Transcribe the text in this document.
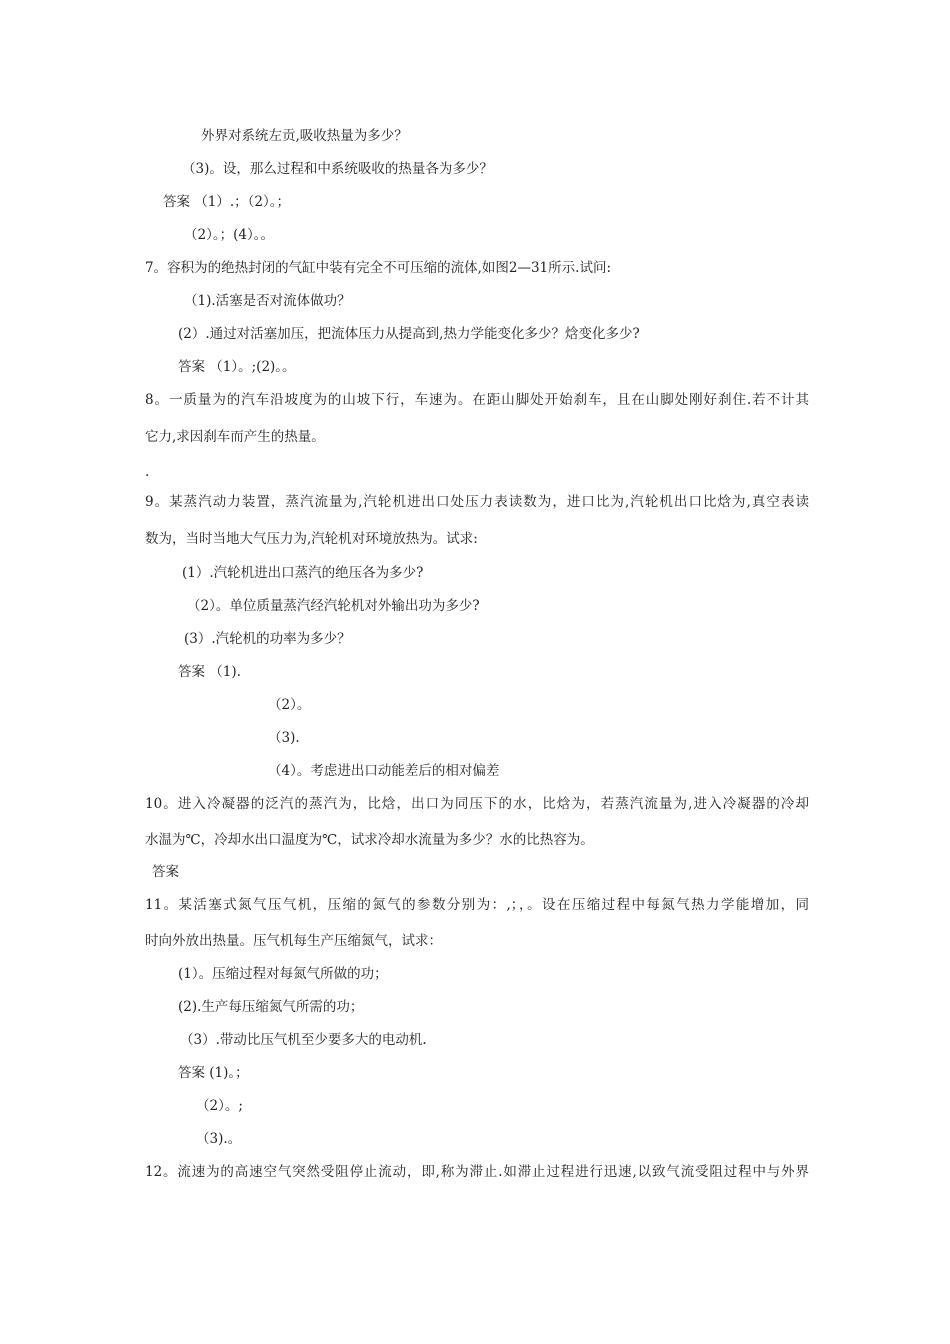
外界对系统左贡,吸收热量为多少？
（3)。设，那么过程和中系统吸收的热量各为多少？
答案 （1）.；（2）。；
（2）。；(4）。。
7。容积为的绝热封闭的气缸中装有完全不可压缩的流体,如图2—31所示.试问:
（1).活塞是否对流体做功？
(2）.通过对活塞加压，把流体压力从提高到,热力学能变化多少？焓变化多少?
答案 （1）。;(2)。。
8。一质量为的汽车沿坡度为的山坡下行，车速为。在距山脚处开始刹车，且在山脚处刚好刹住.若不计其
它力,求因刹车而产生的热量。
.
9。某蒸汽动力装置，蒸汽流量为,汽轮机进出口处压力表读数为，进口比为,汽轮机出口比焓为,真空表读
数为，当时当地大气压力为,汽轮机对环境放热为。试求:
(1）.汽轮机进出口蒸汽的绝压各为多少?
（2）。单位质量蒸汽经汽轮机对外输出功为多少?
(3）.汽轮机的功率为多少？
答案 （1).
（2）。
（3).
（4）。考虑进出口动能差后的相对偏差
10。进入冷凝器的泛汽的蒸汽为，比焓，出口为同压下的水，比焓为，若蒸汽流量为,进入冷凝器的冷却
水温为℃，冷却水出口温度为℃，试求冷却水流量为多少？水的比热容为。
答案
11。某活塞式氮气压气机，压缩的氮气的参数分别为：,；，。设在压缩过程中每氮气热力学能增加，同
时向外放出热量。压气机每生产压缩氮气，试求：
(1）。压缩过程对每氮气所做的功；
(2).生产每压缩氮气所需的功；
（3）.带动比压气机至少要多大的电动机.
答案 (1)。；
（2）。;
（3).。
12。流速为的高速空气突然受阻停止流动，即,称为滞止.如滞止过程进行迅速,以致气流受阻过程中与外界
